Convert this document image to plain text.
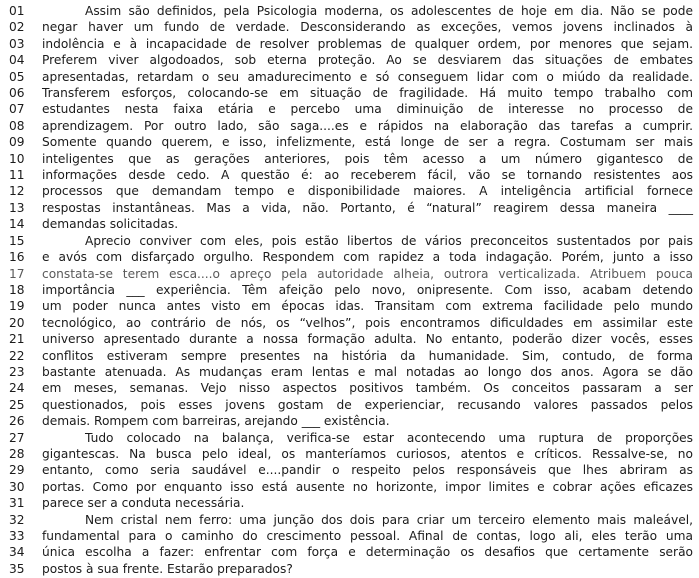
01	Assim são definidos, pela Psicologia moderna, os adolescentes de hoje em dia. Não se pode
02	negar haver um fundo de verdade. Desconsiderando as exceções, vemos jovens inclinados à
03	indolência e à incapacidade de resolver problemas de qualquer ordem, por menores que sejam.
04	Preferem viver algodoados, sob eterna proteção. Ao se desviarem das situações de embates
05	apresentadas, retardam o seu amadurecimento e só conseguem lidar com o miúdo da realidade.
06	Transferem esforços, colocando-se em situação de fragilidade. Há muito tempo trabalho com
07	estudantes nesta faixa etária e percebo uma diminuição de interesse no processo de
08	aprendizagem. Por outro lado, são saga....es e rápidos na elaboração das tarefas a cumprir.
09	Somente quando querem, e isso, infelizmente, está longe de ser a regra. Costumam ser mais
10	inteligentes que as gerações anteriores, pois têm acesso a um número gigantesco de
11	informações desde cedo. A questão é: ao receberem fácil, vão se tornando resistentes aos
12	processos que demandam tempo e disponibilidade maiores. A inteligência artificial fornece
13	respostas instantâneas. Mas a vida, não. Portanto, é “natural” reagirem dessa maneira ____
14	demandas solicitadas.
15	Aprecio conviver com eles, pois estão libertos de vários preconceitos sustentados por pais
16	e avós com disfarçado orgulho. Respondem com rapidez a toda indagação. Porém, junto a isso
17	constata-se terem esca....o apreço pela autoridade alheia, outrora verticalizada. Atribuem pouca
18	importância ___ experiência. Têm afeição pelo novo, onipresente. Com isso, acabam detendo
19	um poder nunca antes visto em épocas idas. Transitam com extrema facilidade pelo mundo
20	tecnológico, ao contrário de nós, os “velhos”, pois encontramos dificuldades em assimilar este
21	universo apresentado durante a nossa formação adulta. No entanto, poderão dizer vocês, esses
22	conflitos estiveram sempre presentes na história da humanidade. Sim, contudo, de forma
23	bastante atenuada. As mudanças eram lentas e mal notadas ao longo dos anos. Agora se dão
24	em meses, semanas. Vejo nisso aspectos positivos também. Os conceitos passaram a ser
25	questionados, pois esses jovens gostam de experienciar, recusando valores passados pelos
26	demais. Rompem com barreiras, arejando ___ existência.
27	Tudo colocado na balança, verifica-se estar acontecendo uma ruptura de proporções
28	gigantescas. Na busca pelo ideal, os manteríamos curiosos, atentos e críticos. Ressalve-se, no
29	entanto, como seria saudável e....pandir o respeito pelos responsáveis que lhes abriram as
30	portas. Como por enquanto isso está ausente no horizonte, impor limites e cobrar ações eficazes
31	parece ser a conduta necessária.
32	Nem cristal nem ferro: uma junção dos dois para criar um terceiro elemento mais maleável,
33	fundamental para o caminho do crescimento pessoal. Afinal de contas, logo ali, eles terão uma
34	única escolha a fazer: enfrentar com força e determinação os desafios que certamente serão
35	postos à sua frente. Estarão preparados?
